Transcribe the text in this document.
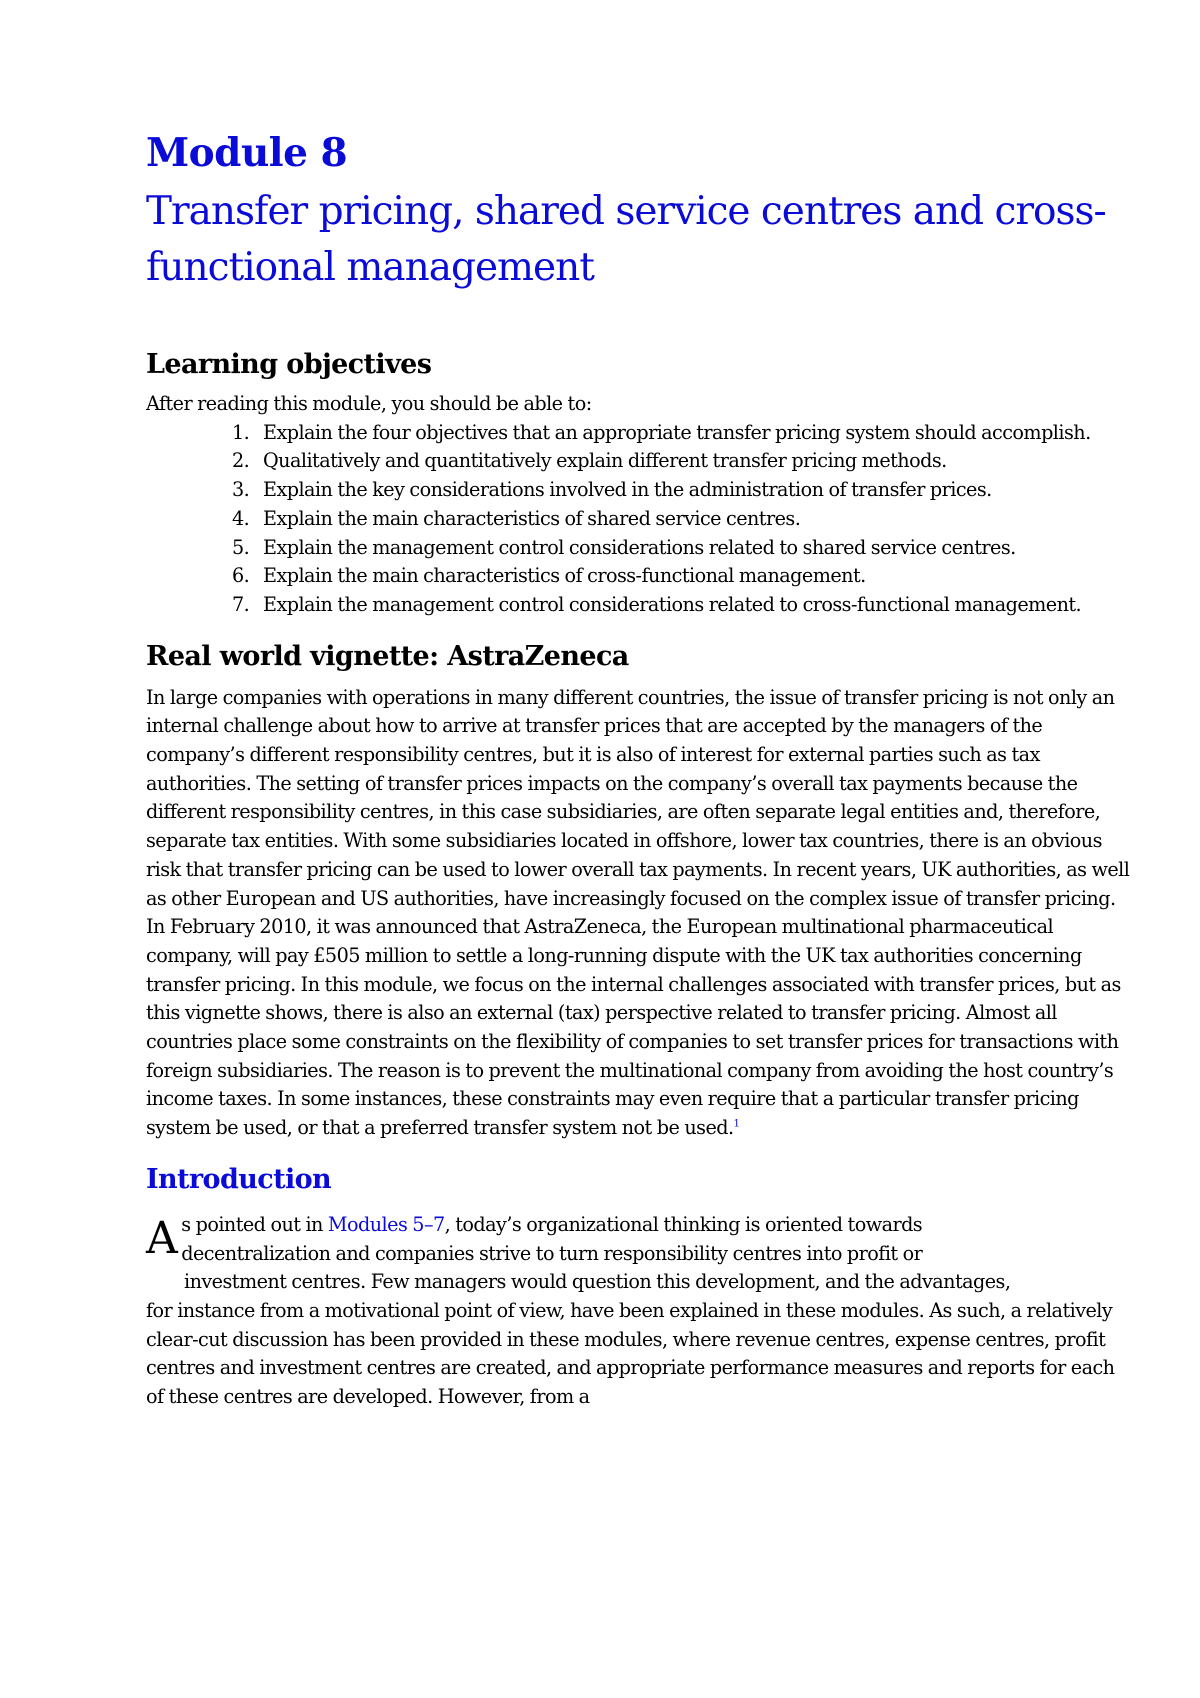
Module 8
Transfer pricing, shared service centres and cross-functional management
Learning objectives

After reading this module, you should be able to:

1. Explain the four objectives that an appropriate transfer pricing system should accomplish.
2. Qualitatively and quantitatively explain different transfer pricing methods.
3. Explain the key considerations involved in the administration of transfer prices.
4. Explain the main characteristics of shared service centres.
5. Explain the management control considerations related to shared service centres.
6. Explain the main characteristics of cross-functional management.
7. Explain the management control considerations related to cross-functional management.
Real world vignette: AstraZeneca

In large companies with operations in many different countries, the issue of transfer pricing is not only an internal challenge about how to arrive at transfer prices that are accepted by the managers of the company’s different responsibility centres, but it is also of interest for external parties such as tax authorities. The setting of transfer prices impacts on the company’s overall tax payments because the different responsibility centres, in this case subsidiaries, are often separate legal entities and, therefore, separate tax entities. With some subsidiaries located in offshore, lower tax countries, there is an obvious risk that transfer pricing can be used to lower overall tax payments. In recent years, UK authorities, as well as other European and US authorities, have increasingly focused on the complex issue of transfer pricing. In February 2010, it was announced that AstraZeneca, the European multinational pharmaceutical company, will pay £505 million to settle a long-running dispute with the UK tax authorities concerning transfer pricing. In this module, we focus on the internal challenges associated with transfer prices, but as this vignette shows, there is also an external (tax) perspective related to transfer pricing. Almost all countries place some constraints on the flexibility of companies to set transfer prices for transactions with foreign subsidiaries. The reason is to prevent the multinational company from avoiding the host country’s income taxes. In some instances, these constraints may even require that a particular transfer pricing system be used, or that a preferred transfer system not be used.$^1$

Introduction
A s pointed out in Modules 5–7, today’s organizational thinking is oriented towards
decentralization and companies strive to turn responsibility centres into profit or
investment centres. Few managers would question this development, and the advantages,
for instance from a motivational point of view, have been explained in these modules. As such, a relatively clear-cut discussion has been provided in these modules, where revenue centres, expense centres, profit centres and investment centres are created, and appropriate performance measures and reports for each of these centres are developed. However, from a
